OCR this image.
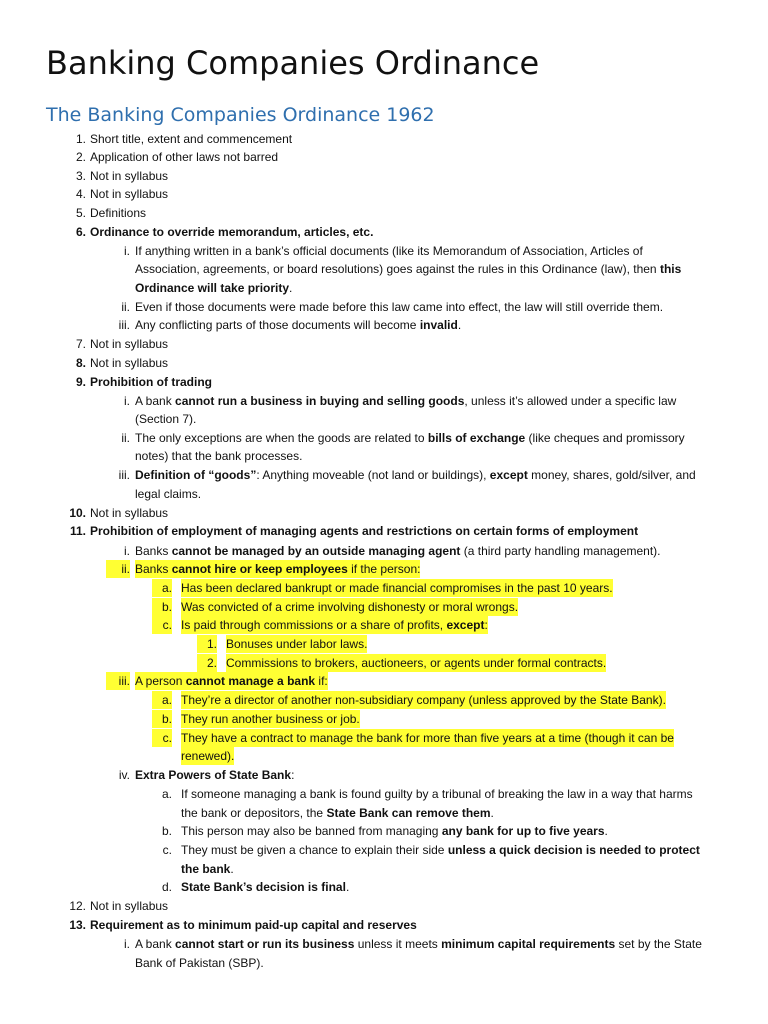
Banking Companies Ordinance
The Banking Companies Ordinance 1962
1. Short title, extent and commencement
2. Application of other laws not barred
3. Not in syllabus
4. Not in syllabus
5. Definitions
6. Ordinance to override memorandum, articles, etc.
i. If anything written in a bank’s official documents (like its Memorandum of Association, Articles of
Association, agreements, or board resolutions) goes against the rules in this Ordinance (law), then this
Ordinance will take priority.
ii. Even if those documents were made before this law came into effect, the law will still override them.
iii. Any conflicting parts of those documents will become invalid.
7. Not in syllabus
8. Not in syllabus
9. Prohibition of trading
i. A bank cannot run a business in buying and selling goods, unless it’s allowed under a specific law
(Section 7).
ii. The only exceptions are when the goods are related to bills of exchange (like cheques and promissory
notes) that the bank processes.
iii. Definition of “goods”: Anything moveable (not land or buildings), except money, shares, gold/silver, and
legal claims.
10. Not in syllabus
11. Prohibition of employment of managing agents and restrictions on certain forms of employment
i. Banks cannot be managed by an outside managing agent (a third party handling management).
ii. Banks cannot hire or keep employees if the person:
a. Has been declared bankrupt or made financial compromises in the past 10 years.
b. Was convicted of a crime involving dishonesty or moral wrongs.
c. Is paid through commissions or a share of profits, except:
1. Bonuses under labor laws.
2. Commissions to brokers, auctioneers, or agents under formal contracts.
iii. A person cannot manage a bank if:
a. They’re a director of another non-subsidiary company (unless approved by the State Bank).
b. They run another business or job.
c. They have a contract to manage the bank for more than five years at a time (though it can be
renewed).
iv. Extra Powers of State Bank:
a. If someone managing a bank is found guilty by a tribunal of breaking the law in a way that harms
the bank or depositors, the State Bank can remove them.
b. This person may also be banned from managing any bank for up to five years.
c. They must be given a chance to explain their side unless a quick decision is needed to protect
the bank.
d. State Bank’s decision is final.
12. Not in syllabus
13. Requirement as to minimum paid-up capital and reserves
i. A bank cannot start or run its business unless it meets minimum capital requirements set by the State
Bank of Pakistan (SBP).
